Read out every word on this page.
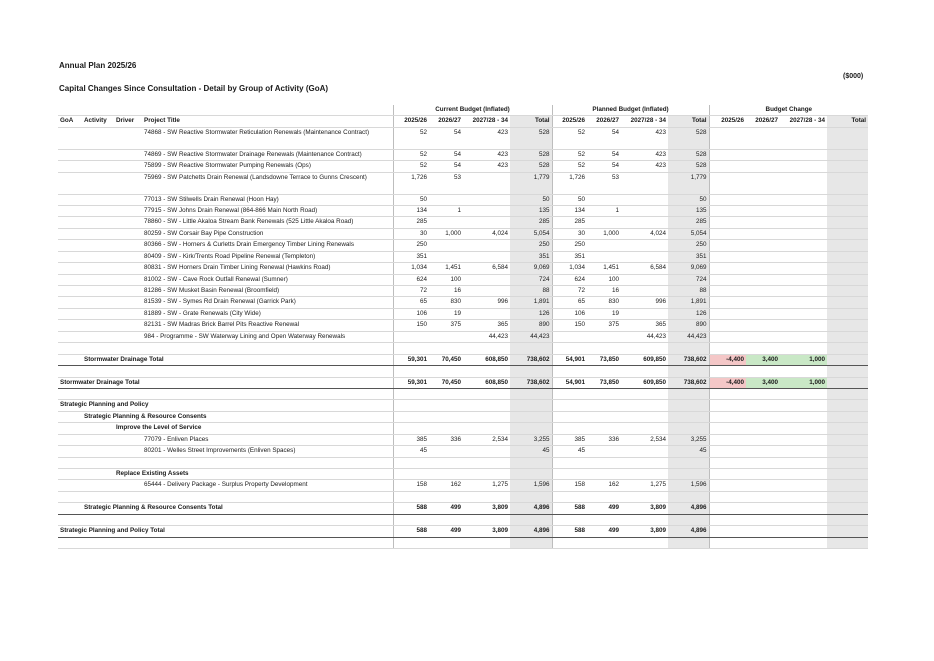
Annual Plan 2025/26
Capital Changes Since Consultation - Detail by Group of Activity (GoA)
($000)
				Current Budget (Inflated)				Planned Budget (Inflated)				Budget Change			
GoA	Activity	Driver	Project Title	2025/26	2026/27	2027/28 - 34	Total	2025/26	2026/27	2027/28 - 34	Total	2025/26	2026/27	2027/28 - 34	Total
			74868 - SW Reactive Stormwater Reticulation Renewals (Maintenance Contract)	52	54	423	528	52	54	423	528				
			74869 - SW Reactive Stormwater Drainage Renewals (Maintenance Contract)	52	54	423	528	52	54	423	528				
			75899 - SW Reactive Stormwater Pumping Renewals (Ops)	52	54	423	528	52	54	423	528				
			75969 - SW Patchetts Drain Renewal (Landsdowne Terrace to Gunns Crescent)	1,726	53		1,779	1,726	53		1,779				
			77013 - SW Stilwells Drain Renewal (Hoon Hay)	50			50	50			50				
			77915 - SW Johns Drain Renewal (864-866 Main North Road)	134	1		135	134	1		135				
			78860 - SW - Little Akaloa Stream Bank Renewals (525 Little Akaloa Road)	285			285	285			285				
			80259 - SW Corsair Bay Pipe Construction	30	1,000	4,024	5,054	30	1,000	4,024	5,054				
			80366 - SW - Horners & Curletts Drain Emergency Timber Lining Renewals	250			250	250			250				
			80409 - SW - Kirk/Trents Road Pipeline Renewal (Templeton)	351			351	351			351				
			80831 - SW Horners Drain Timber Lining Renewal (Hawkins Road)	1,034	1,451	6,584	9,069	1,034	1,451	6,584	9,069				
			81002 - SW - Cave Rock Outfall Renewal (Sumner)	624	100		724	624	100		724				
			81286 - SW Musket Basin Renewal (Broomfield)	72	16		88	72	16		88				
			81539 - SW - Symes Rd Drain Renewal (Garrick Park)	65	830	996	1,891	65	830	996	1,891				
			81889 - SW - Grate Renewals (City Wide)	106	19		126	106	19		126				
			82131 - SW Madras Brick Barrel Pits Reactive Renewal	150	375	365	890	150	375	365	890				
			984 - Programme - SW Waterway Lining and Open Waterway Renewals			44,423	44,423			44,423	44,423				

	Stormwater Drainage Total			59,301	70,450	608,850	738,602	54,901	73,850	609,850	738,602	-4,400	3,400	1,000	

Stormwater Drainage Total				59,301	70,450	608,850	738,602	54,901	73,850	609,850	738,602	-4,400	3,400	1,000	

Strategic Planning and Policy															
	Strategic Planning & Resource Consents														
		Improve the Level of Service													
			77079 - Enliven Places	385	336	2,534	3,255	385	336	2,534	3,255				
			80201 - Welles Street Improvements (Enliven Spaces)	45			45	45			45				

		Replace Existing Assets													
			65444 - Delivery Package - Surplus Property Development	158	162	1,275	1,596	158	162	1,275	1,596				

	Strategic Planning & Resource Consents Total			588	499	3,809	4,896	588	499	3,809	4,896				

Strategic Planning and Policy Total				588	499	3,809	4,896	588	499	3,809	4,896				
